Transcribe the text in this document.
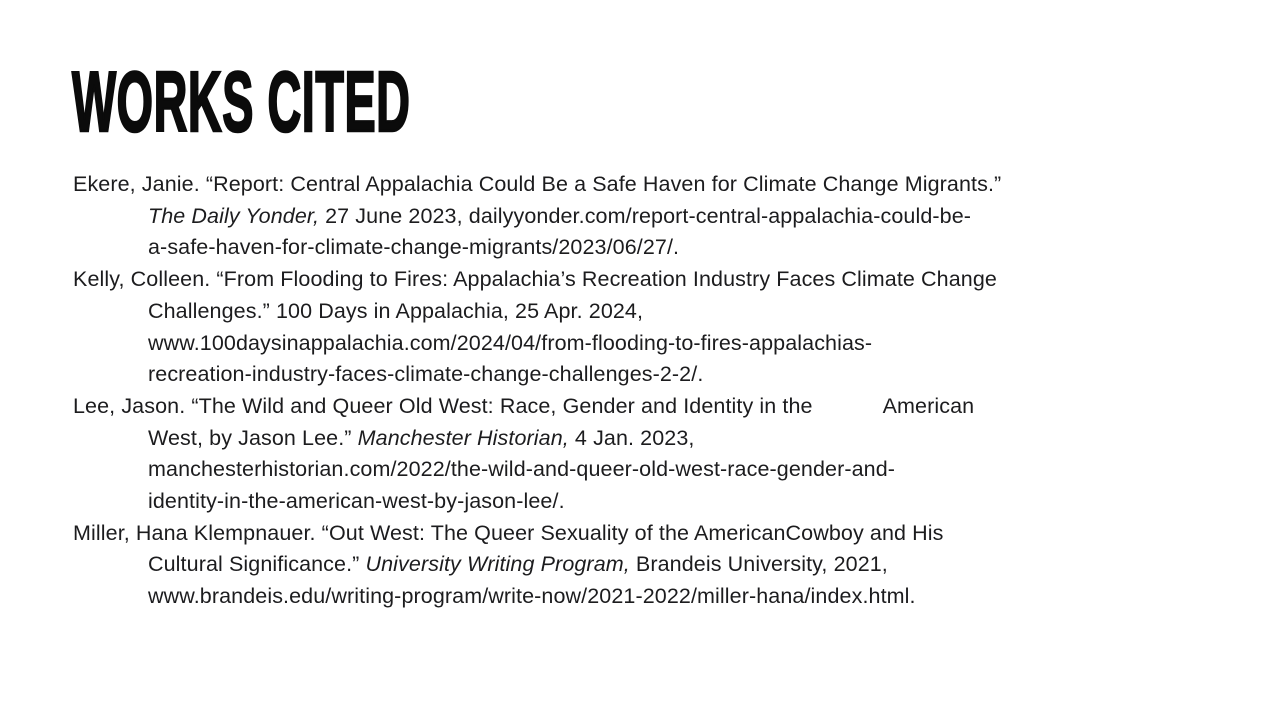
WORKS CITED
Ekere, Janie. “Report: Central Appalachia Could Be a Safe Haven for Climate Change Migrants.”
The Daily Yonder, 27 June 2023, dailyyonder.com/report-central-appalachia-could-be-
a-safe-haven-for-climate-change-migrants/2023/06/27/.
Kelly, Colleen. “From Flooding to Fires: Appalachia’s Recreation Industry Faces Climate Change
Challenges.” 100 Days in Appalachia, 25 Apr. 2024,
www.100daysinappalachia.com/2024/04/from-flooding-to-fires-appalachias-
recreation-industry-faces-climate-change-challenges-2-2/.
Lee, Jason. “The Wild and Queer Old West: Race, Gender and Identity in the	American
West, by Jason Lee.” Manchester Historian, 4 Jan. 2023,
manchesterhistorian.com/2022/the-wild-and-queer-old-west-race-gender-and-
identity-in-the-american-west-by-jason-lee/.
Miller, Hana Klempnauer. “Out West: The Queer Sexuality of the AmericanCowboy and His
Cultural Significance.” University Writing Program, Brandeis University, 2021,
www.brandeis.edu/writing-program/write-now/2021-2022/miller-hana/index.html.
